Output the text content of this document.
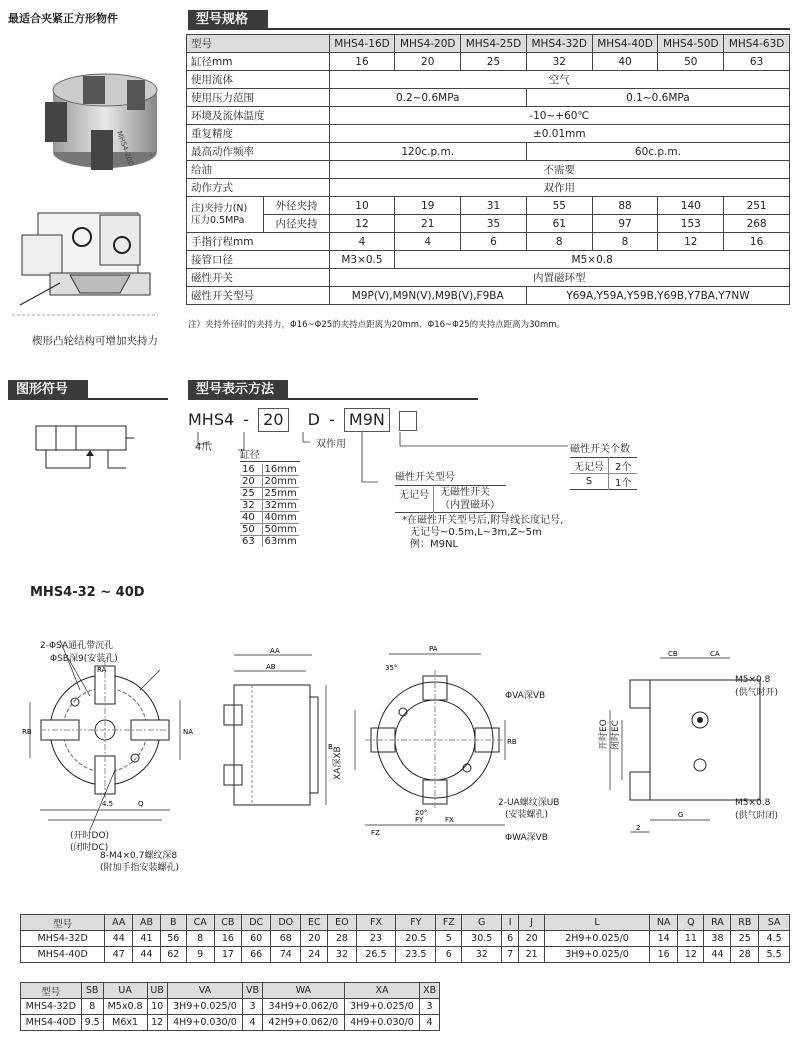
最适合夹紧正方形物件
MHS4-20D
楔形凸轮结构可增加夹持力
型号规格
型号		MHS4-16D	MHS4-20D	MHS4-25D	MHS4-32D	MHS4-40D	MHS4-50D	MHS4-63D
缸径mm		16	20	25	32	40	50	63
使用流体		空气						
使用压力范围		0.2~0.6MPa			0.1~0.6MPa			
环境及流体温度		-10~+60℃						
重复精度		±0.01mm						
最高动作频率		120c.p.m.			60c.p.m.			
给油		不需要						
动作方式		双作用						
注)夹持力(N)
压力0.5MPa	外径夹持	10	19	31	55	88	140	251
	内径夹持	12	21	35	61	97	153	268
手指行程mm		4	4	6	8	8	12	16
接管口径		M3×0.5	M5×0.8					
磁性开关		内置磁环型						
磁性开关型号		M9P(V),M9N(V),M9B(V),F9BA			Y69A,Y59A,Y59B,Y69B,Y7BA,Y7NW			
注）夹持外径时的夹持力，Φ16~Φ25的夹持点距离为20mm、Φ16~Φ25的夹持点距离为30mm。
图形符号	型号表示方法
MHS4 - 20 D - M9N
4爪	双作用
缸径
16	16mm
20	20mm
25	25mm
32	32mm
40	40mm
50	50mm
63	63mm
磁性开关个数
无记号	2个
S	1个
磁性开关型号
无记号	无磁性开关
（内置磁环）
*在磁性开关型号后,附导线长度记号,
无记号~0.5m,L~3m,Z~5m
例：M9NL
MHS4-32 ~ 40D
RA
RB	NA
4.5	Q
2-ΦSA通孔带沉孔
ΦSB深9(安装孔)
(开时DO)
(闭时DC)
8-M4×0.7螺纹深8
(附加手指安装螺孔)
AA
AB
B
PA
RB
FY	FX
FZ
35°
20°
XA深XB
ΦVA深VB
2-UA螺纹深UB
(安装螺孔)
ΦWA深VB
CB	CA
G
2
M5×0.8
(供气时开)
M5×0.8
(供气时闭)
开时EO 闭时EC
型号	AA	AB	B	CA	CB	DC	DO	EC	EO	FX	FY	FZ	G	I	J	L	NA	Q	RA	RB	SA
MHS4-32D	44	41	56	8	16	60	68	20	28	23	20.5	5	30.5	6	20	2H9+0.025/0	14	11	38	25	4.5
MHS4-40D	47	44	62	9	17	66	74	24	32	26.5	23.5	6	32	7	21	3H9+0.025/0	16	12	44	28	5.5
型号	SB	UA	UB	VA	VB	WA	XA	XB
MHS4-32D	8	M5x0.8	10	3H9+0.025/0	3	34H9+0.062/0	3H9+0.025/0	3
MHS4-40D	9.5	M6x1	12	4H9+0.030/0	4	42H9+0.062/0	4H9+0.030/0	4
